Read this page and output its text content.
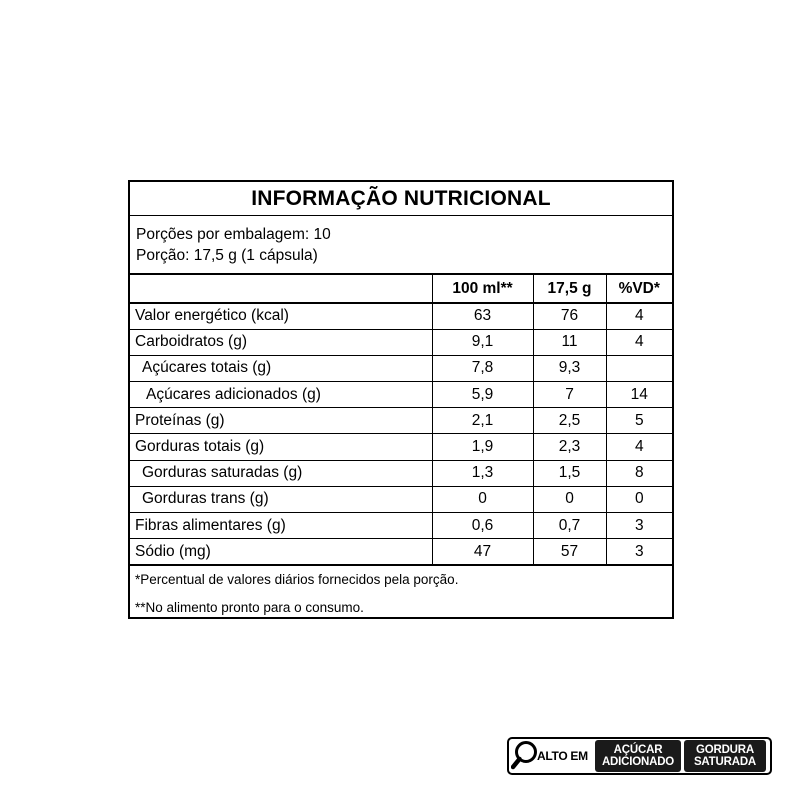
INFORMAÇÃO NUTRICIONAL
Porções por embalagem: 10
Porção: 17,5 g (1 cápsula)
	100 ml**	17,5 g	%VD*
Valor energético (kcal)	63	76	4
Carboidratos (g)	9,1	11	4
Açúcares totais (g)	7,8	9,3	
Açúcares adicionados (g)	5,9	7	14
Proteínas (g)	2,1	2,5	5
Gorduras totais (g)	1,9	2,3	4
Gorduras saturadas (g)	1,3	1,5	8
Gorduras trans (g)	0	0	0
Fibras alimentares (g)	0,6	0,7	3
Sódio (mg)	47	57	3
*Percentual de valores diários fornecidos pela porção.
**No alimento pronto para o consumo.
ALTO EM	AÇÚCAR
ADICIONADO
GORDURA
SATURADA
